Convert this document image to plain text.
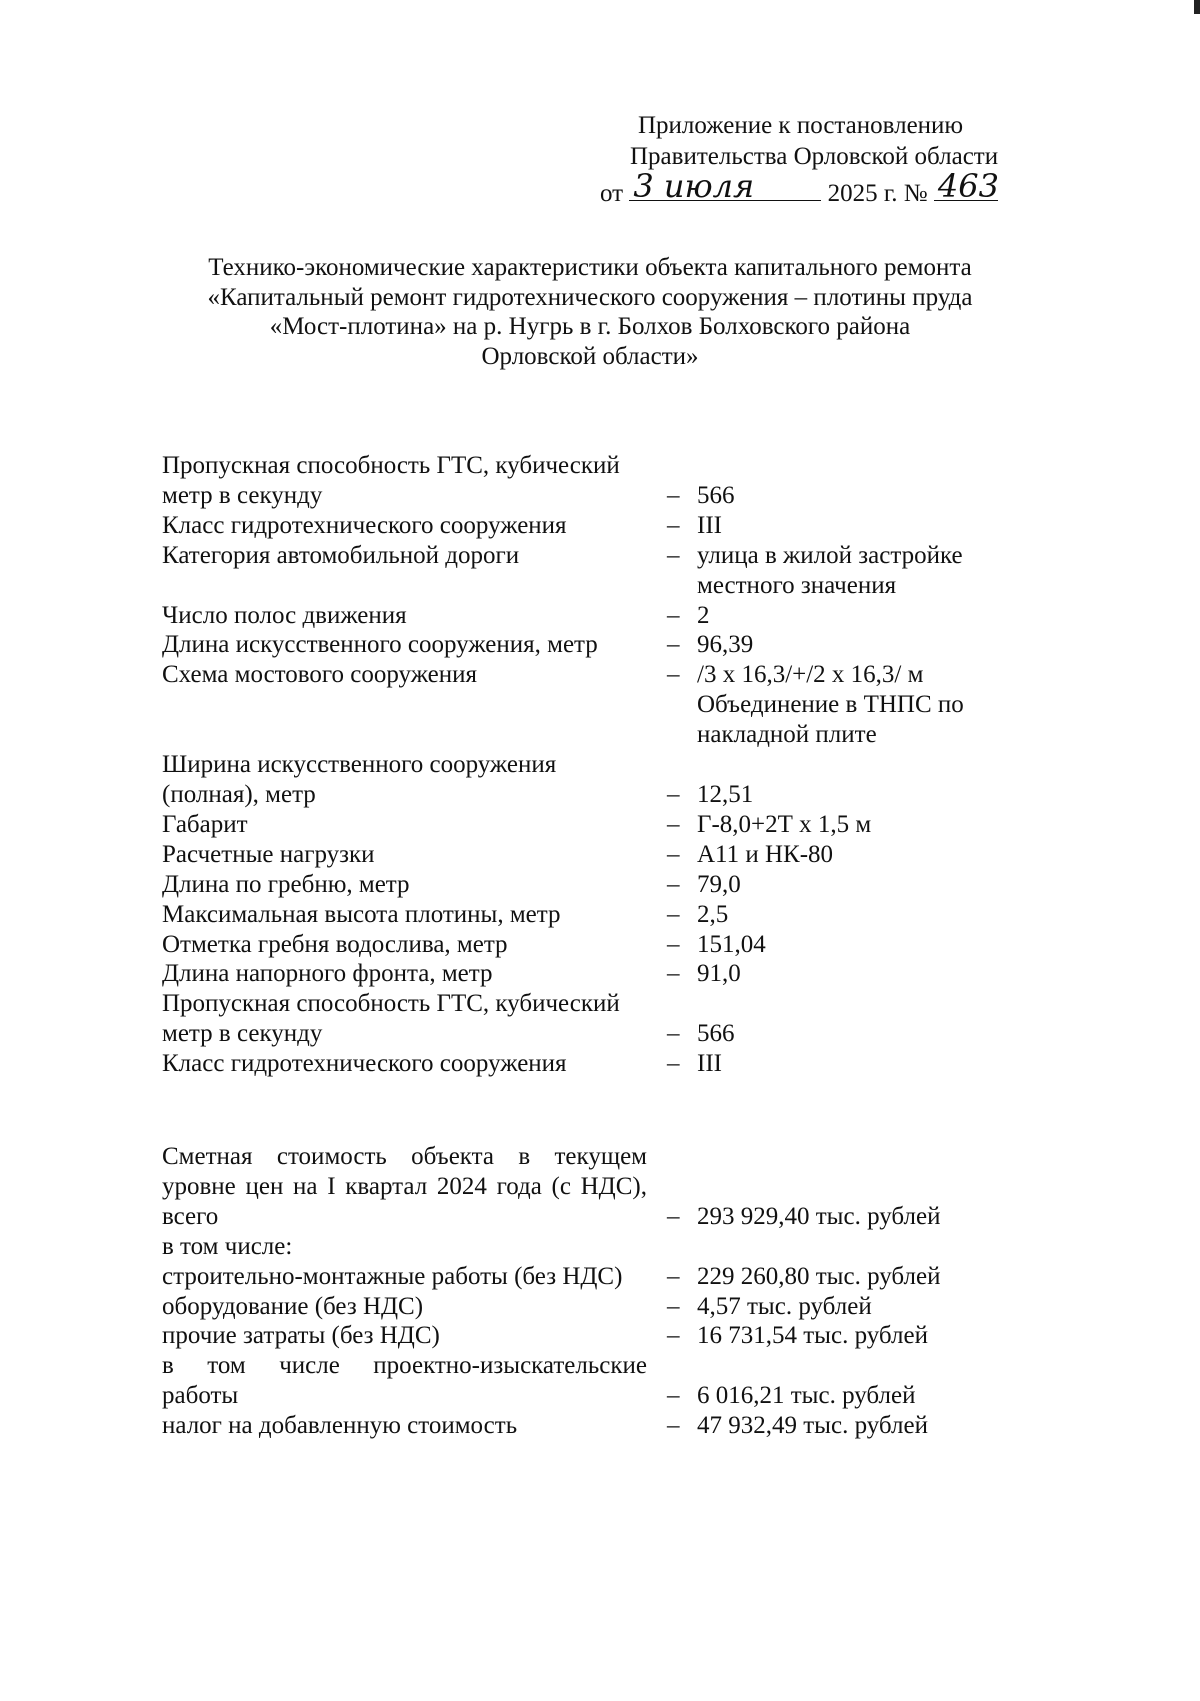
Приложение к постановлению
Правительства Орловской области
от 3 июля	2025 г. № 463
Технико-экономические характеристики объекта капитального ремонта
«Капитальный ремонт гидротехнического сооружения – плотины пруда
«Мост-плотина» на р. Нугрь в г. Болхов Болховского района
Орловской области»
Пропускная способность ГТС, кубический
метр в секунду	– 566
Класс гидротехнического сооружения	– III
Категория автомобильной дороги	– улица в жилой застройке
местного значения
Число полос движения	– 2
Длина искусственного сооружения, метр	– 96,39
Схема мостового сооружения	– /3 х 16,3/+/2 х 16,3/ м
Объединение в ТНПС по
накладной плите
Ширина искусственного сооружения
(полная), метр	– 12,51
Габарит	– Г-8,0+2Т х 1,5 м
Расчетные нагрузки	– А11 и НК-80
Длина по гребню, метр	– 79,0
Максимальная высота плотины, метр	– 2,5
Отметка гребня водослива, метр	– 151,04
Длина напорного фронта, метр	– 91,0
Пропускная способность ГТС, кубический
метр в секунду	– 566
Класс гидротехнического сооружения	– III
Сметная стоимость объекта в текущем
уровне цен на I квартал 2024 года (с НДС),
всего	– 293 929,40 тыс. рублей
в том числе:
строительно-монтажные работы (без НДС)	– 229 260,80 тыс. рублей
оборудование (без НДС)	– 4,57 тыс. рублей
прочие затраты (без НДС)	– 16 731,54 тыс. рублей
в том числе проектно-изыскательские
работы	– 6 016,21 тыс. рублей
налог на добавленную стоимость	– 47 932,49 тыс. рублей
